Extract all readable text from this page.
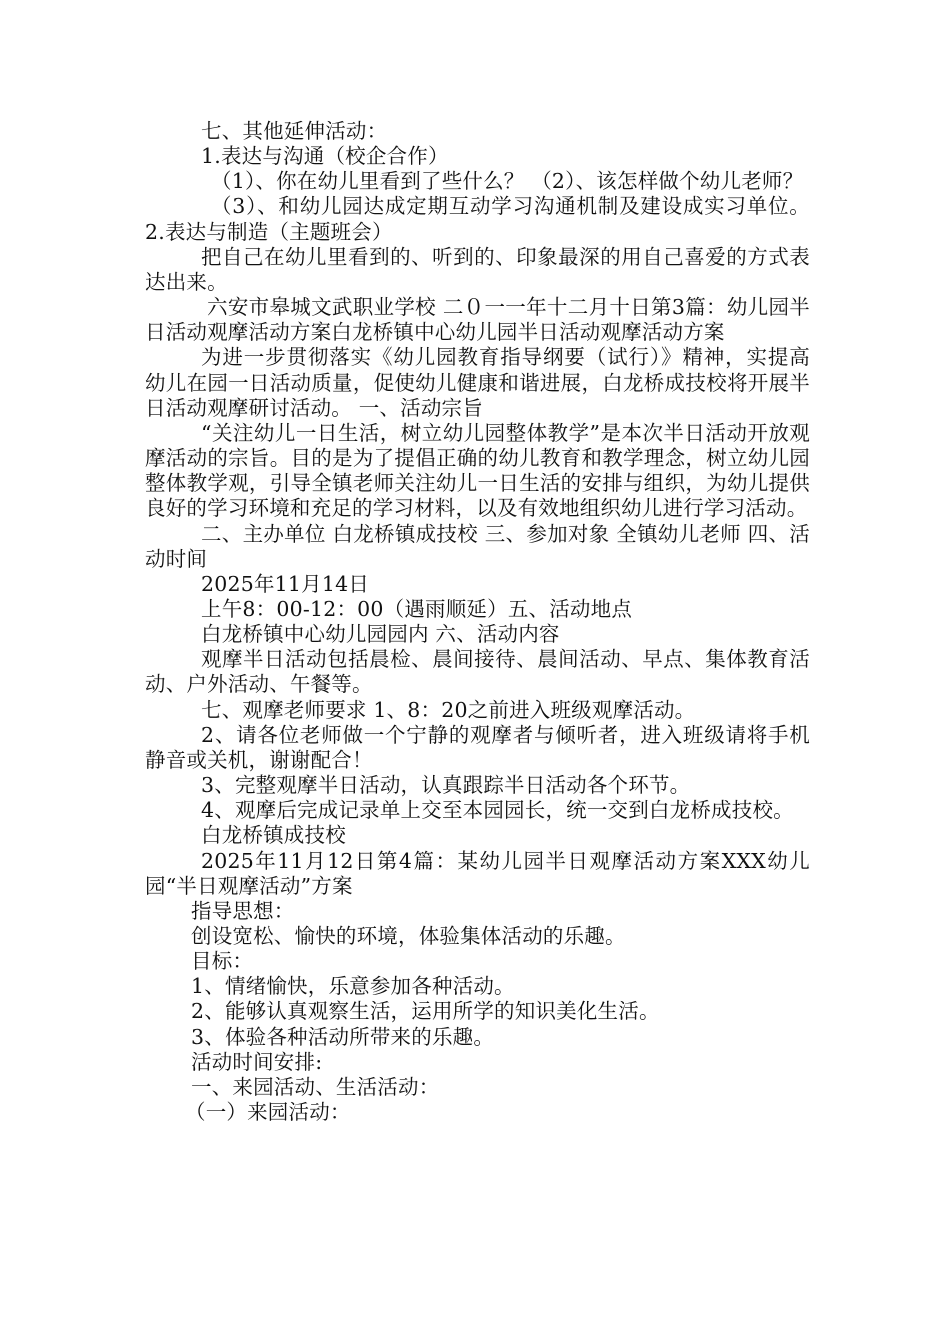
七、其他延伸活动：

1.表达与沟通（校企合作）

（1）、你在幼儿里看到了些什么？ （2）、该怎样做个幼儿老师？

（3）、和幼儿园达成定期互动学习沟通机制及建设成实习单位。 2.表达与制造（主题班会）

把自己在幼儿里看到的、听到的、印象最深的用自己喜爱的方式表达出来。

六安市皋城文武职业学校 二０一一年十二月十日第3篇：幼儿园半日活动观摩活动方案白龙桥镇中心幼儿园半日活动观摩活动方案

为进一步贯彻落实《幼儿园教育指导纲要（试行）》精神，实提高幼儿在园一日活动质量，促使幼儿健康和谐进展，白龙桥成技校将开展半日活动观摩研讨活动。 一、活动宗旨

“关注幼儿一日生活，树立幼儿园整体教学”是本次半日活动开放观摩活动的宗旨。目的是为了提倡正确的幼儿教育和教学理念，树立幼儿园整体教学观，引导全镇老师关注幼儿一日生活的安排与组织，为幼儿提供良好的学习环境和充足的学习材料，以及有效地组织幼儿进行学习活动。

二、主办单位 白龙桥镇成技校 三、参加对象 全镇幼儿老师 四、活动时间

2025年11月14日

上午8：00-12：00（遇雨顺延）五、活动地点

白龙桥镇中心幼儿园园内 六、活动内容

观摩半日活动包括晨检、晨间接待、晨间活动、早点、集体教育活动、户外活动、午餐等。

七、观摩老师要求 1、8：20之前进入班级观摩活动。

2、请各位老师做一个宁静的观摩者与倾听者，进入班级请将手机静音或关机，谢谢配合！

3、完整观摩半日活动，认真跟踪半日活动各个环节。

4、观摩后完成记录单上交至本园园长，统一交到白龙桥成技校。

白龙桥镇成技校

2025年11月12日第4篇：某幼儿园半日观摩活动方案XXX幼儿园“半日观摩活动”方案

指导思想：

创设宽松、愉快的环境，体验集体活动的乐趣。

目标：

1、情绪愉快，乐意参加各种活动。

2、能够认真观察生活，运用所学的知识美化生活。

3、体验各种活动所带来的乐趣。

活动时间安排:

一、来园活动、生活活动：

（一）来园活动：
